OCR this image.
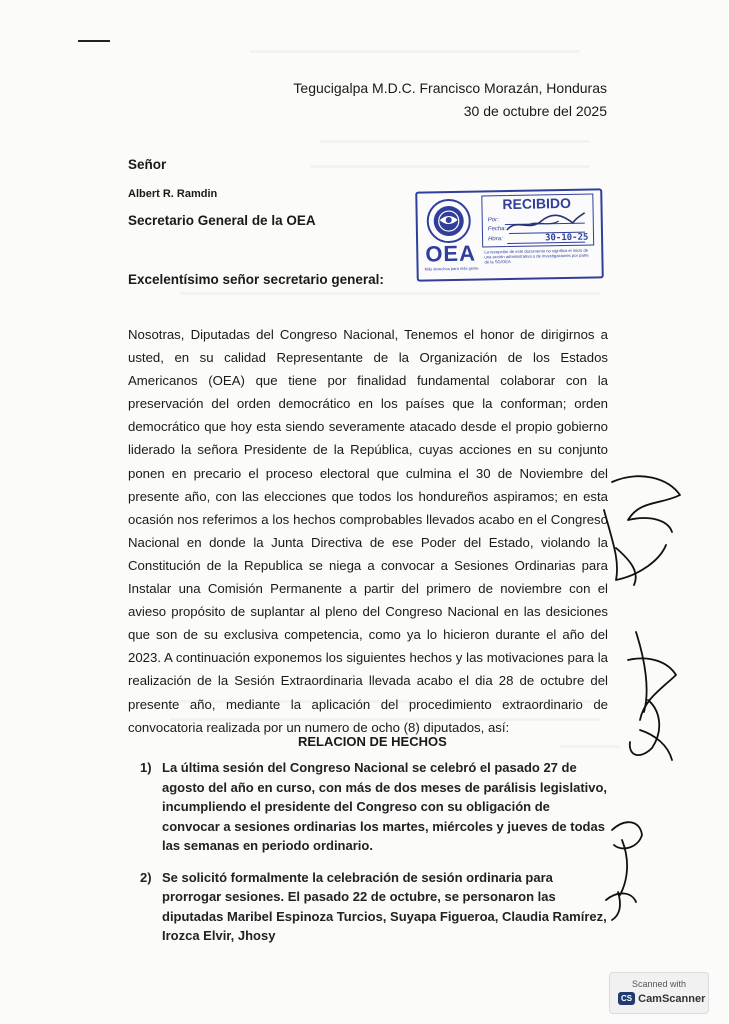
Tegucigalpa M.D.C. Francisco Morazán, Honduras
30 de octubre del 2025
Señor
Albert R. Ramdin
Secretario General de la OEA
Excelentísimo señor secretario general:
Nosotras, Diputadas del Congreso Nacional, Tenemos el honor de dirigirnos a usted, en su calidad Representante de la Organización de los Estados Americanos (OEA) que tiene por finalidad fundamental colaborar con la preservación del orden democrático en los países que la conforman; orden democrático que hoy esta siendo severamente atacado desde el propio gobierno liderado la señora Presidente de la República, cuyas acciones en su conjunto ponen en precario el proceso electoral que culmina el 30 de Noviembre del presente año, con las elecciones que todos los hondureños aspiramos; en esta ocasión nos referimos a los hechos comprobables llevados acabo en el Congreso Nacional en donde la Junta Directiva de ese Poder del Estado, violando la Constitución de la Republica se niega a convocar a Sesiones Ordinarias para Instalar una Comisión Permanente a partir del primero de noviembre con el avieso propósito de suplantar al pleno del Congreso Nacional en las desiciones que son de su exclusiva competencia, como ya lo hicieron durante el año del 2023. A continuación exponemos los siguientes hechos y las motivaciones para la realización de la Sesión Extraordinaria llevada acabo el dia 28 de octubre del presente año, mediante la aplicación del procedimiento extraordinario de convocatoria realizada por un numero de ocho (8) diputados, así:
RELACION DE HECHOS
1) La última sesión del Congreso Nacional se celebró el pasado 27 de agosto del año en curso, con más de dos meses de parálisis legislativo, incumpliendo el presidente del Congreso con su obligación de convocar a sesiones ordinarias los martes, miércoles y jueves de todas las semanas en periodo ordinario.
2) Se solicitó formalmente la celebración de sesión ordinaria para prorrogar sesiones. El pasado 22 de octubre, se personaron las diputadas Maribel Espinoza Turcios, Suyapa Figueroa, Claudia Ramírez, Irozca Elvir, Jhosy
OEA
Más derechos para más gente
RECIBIDO
Por:
Fecha:
Hora:	30-10-25
La recepción de este documento no significa el inicio de una acción administrativa o de investigaciones por parte de la SG/OEA
Scanned with
CS CamScanner
